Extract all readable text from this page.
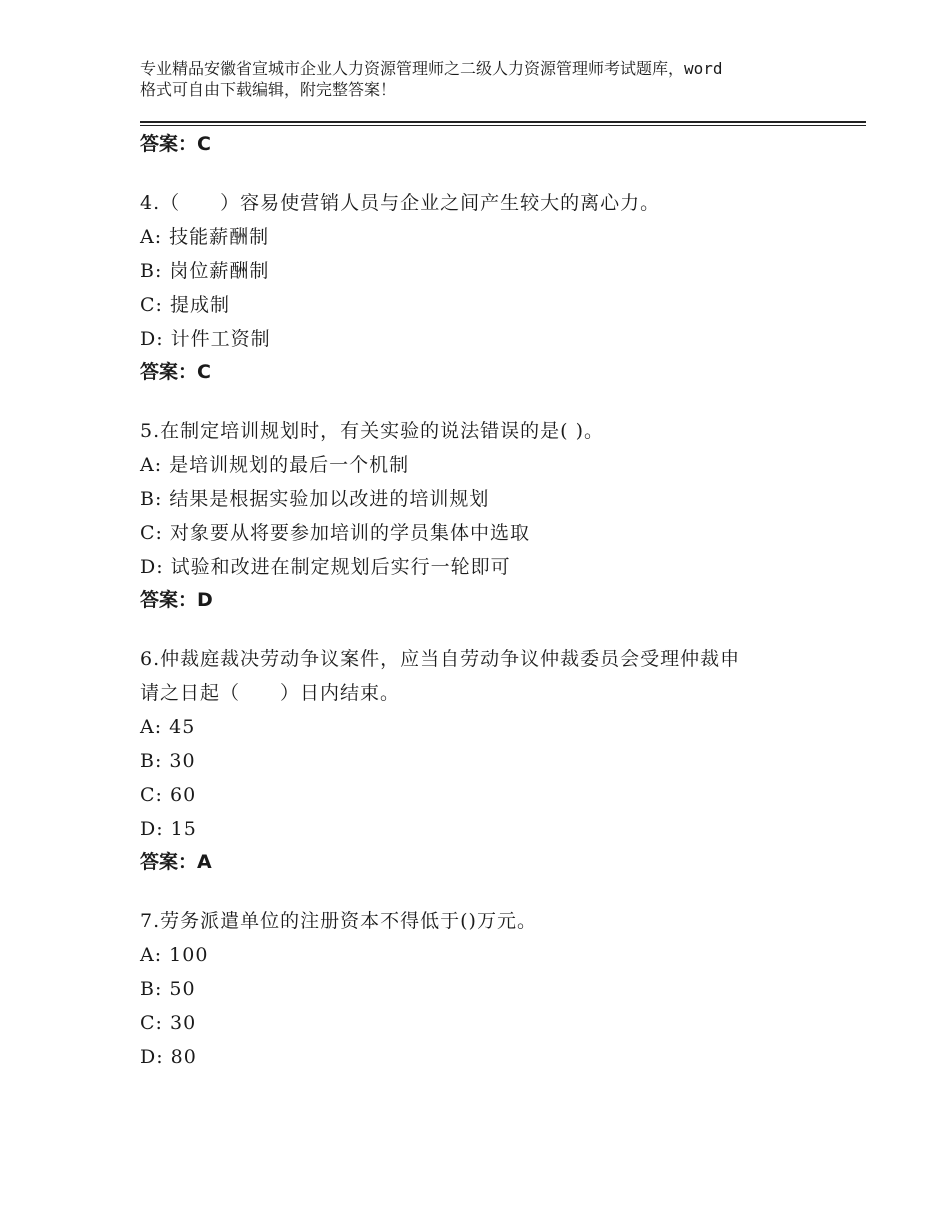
专业精品安徽省宣城市企业人力资源管理师之二级人力资源管理师考试题库，word
格式可自由下载编辑，附完整答案！
答案：C
4.（　　）容易使营销人员与企业之间产生较大的离心力。
A: 技能薪酬制
B: 岗位薪酬制
C: 提成制
D: 计件工资制
答案：C
5.在制定培训规划时，有关实验的说法错误的是( )。
A: 是培训规划的最后一个机制
B: 结果是根据实验加以改进的培训规划
C: 对象要从将要参加培训的学员集体中选取
D: 试验和改进在制定规划后实行一轮即可
答案：D
6.仲裁庭裁决劳动争议案件，应当自劳动争议仲裁委员会受理仲裁申
请之日起（　　）日内结束。
A: 45
B: 30
C: 60
D: 15
答案：A
7.劳务派遣单位的注册资本不得低于()万元。
A: 100
B: 50
C: 30
D: 80
